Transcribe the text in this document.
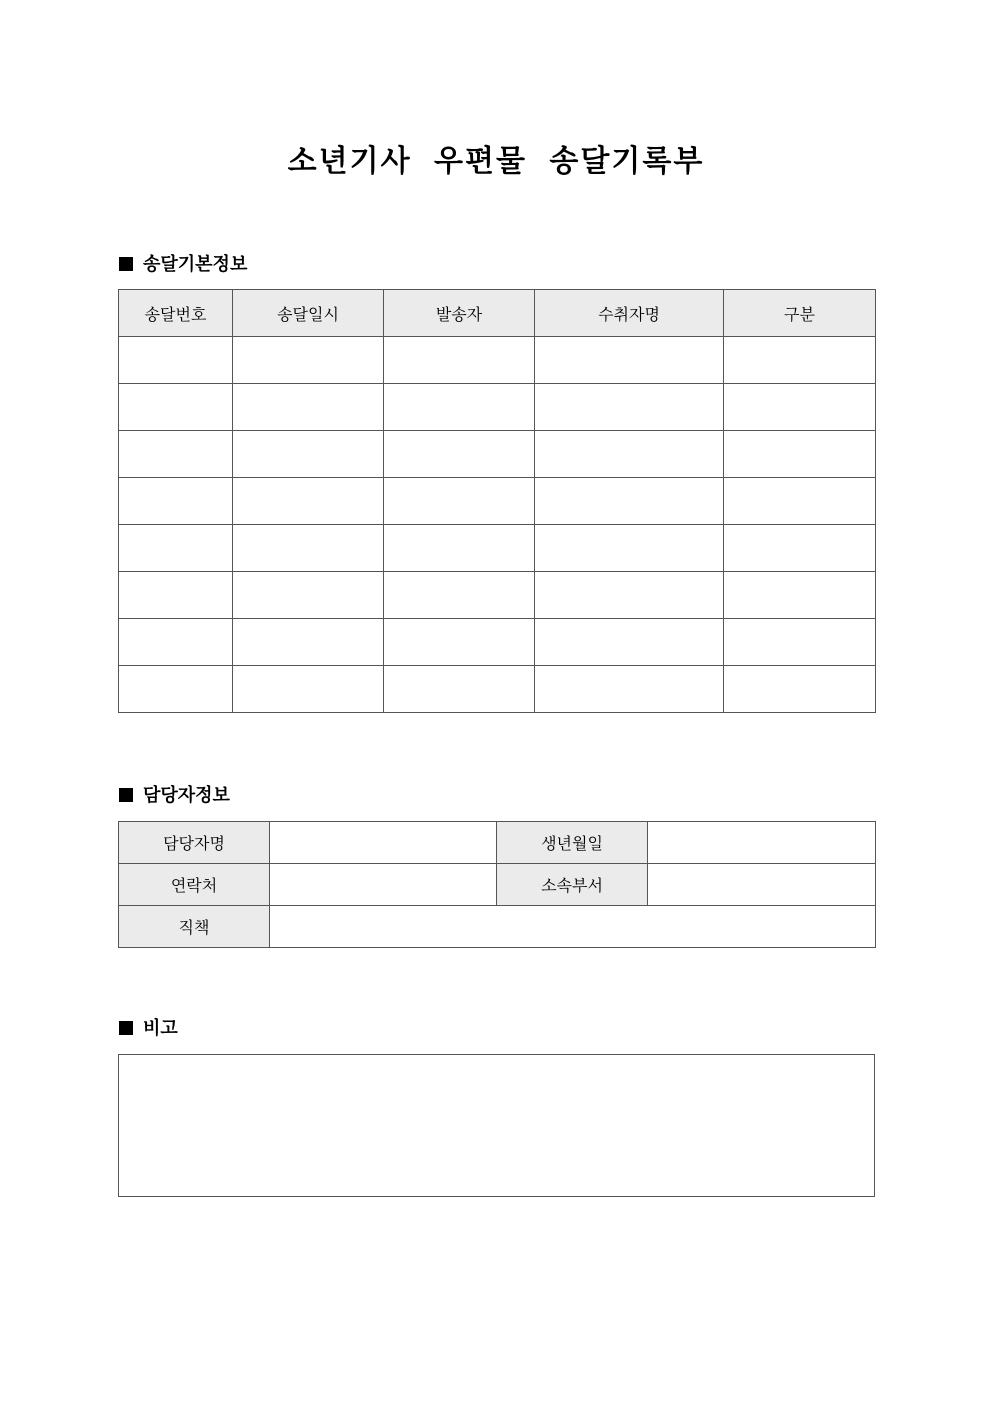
소년기사 우편물 송달기록부
송달기본정보
송달번호	송달일시	발송자	수취자명	구분

담당자정보
담당자명		생년월일	
연락처		소속부서	
직책			
비고
